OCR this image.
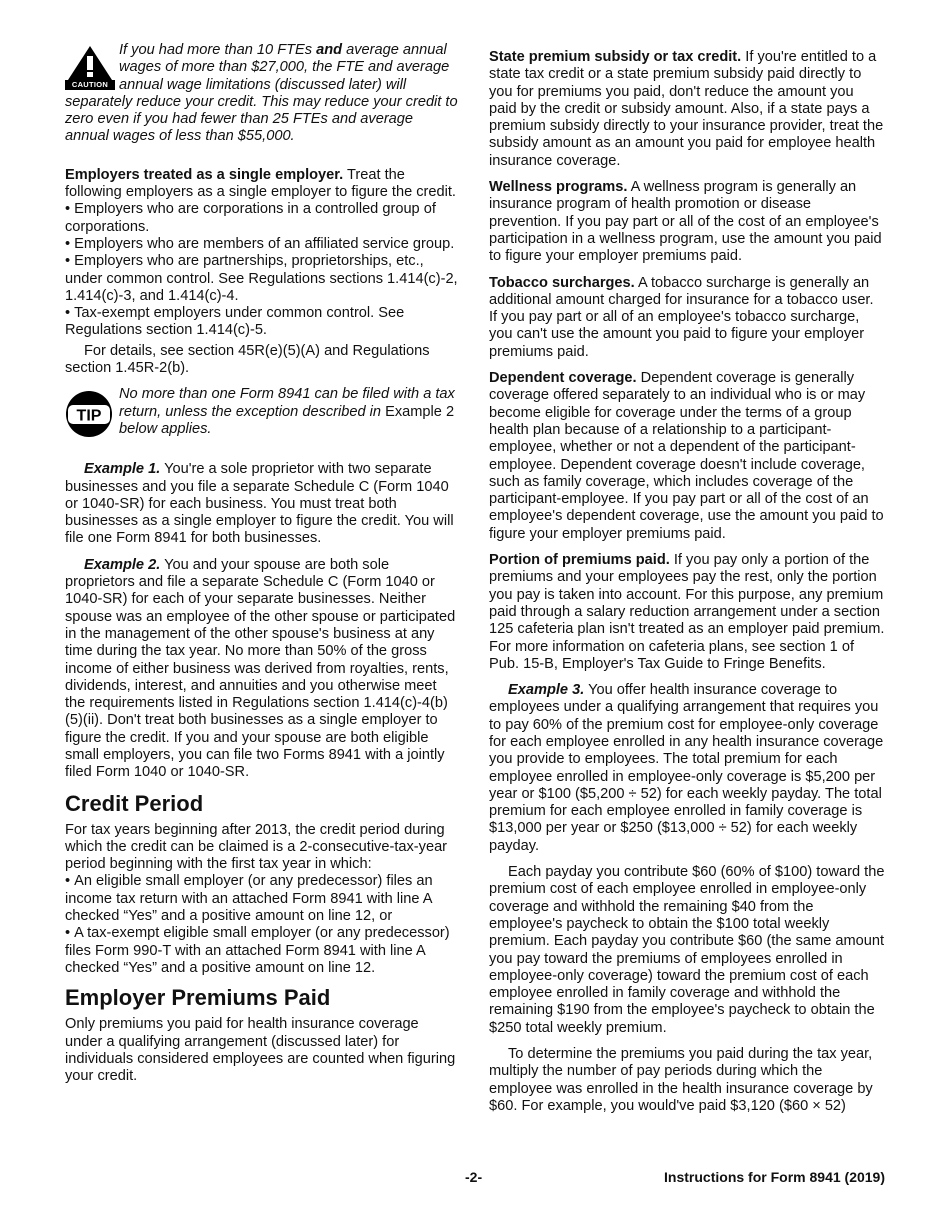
CAUTION

If you had more than 10 FTEs and average annual wages of more than $27,000, the FTE and average annual wage limitations (discussed later) will separately reduce your credit. This may reduce your credit to zero even if you had fewer than 25 FTEs and average annual wages of less than $55,000.

Employers treated as a single employer. Treat the following employers as a single employer to figure the credit.

• Employers who are corporations in a controlled group of corporations.

• Employers who are members of an affiliated service group.

• Employers who are partnerships, proprietorships, etc., under common control. See Regulations sections 1.414(c)-2, 1.414(c)-3, and 1.414(c)-4.

• Tax-exempt employers under common control. See Regulations section 1.414(c)-5.

For details, see section 45R(e)(5)(A) and Regulations section 1.45R-2(b).

TIP

No more than one Form 8941 can be filed with a tax return, unless the exception described in Example 2 below applies.

Example 1. You're a sole proprietor with two separate businesses and you file a separate Schedule C (Form 1040 or 1040-SR) for each business. You must treat both businesses as a single employer to figure the credit. You will file one Form 8941 for both businesses.

Example 2. You and your spouse are both sole proprietors and file a separate Schedule C (Form 1040 or 1040-SR) for each of your separate businesses. Neither spouse was an employee of the other spouse or participated in the management of the other spouse's business at any time during the tax year. No more than 50% of the gross income of either business was derived from royalties, rents, dividends, interest, and annuities and you otherwise meet the requirements listed in Regulations section 1.414(c)-4(b)(5)(ii). Don't treat both businesses as a single employer to figure the credit. If you and your spouse are both eligible small employers, you can file two Forms 8941 with a jointly filed Form 1040 or 1040-SR.

Credit Period

For tax years beginning after 2013, the credit period during which the credit can be claimed is a 2-consecutive-tax-year period beginning with the first tax year in which:

• An eligible small employer (or any predecessor) files an income tax return with an attached Form 8941 with line A checked “Yes” and a positive amount on line 12, or

• A tax-exempt eligible small employer (or any predecessor) files Form 990-T with an attached Form 8941 with line A checked “Yes” and a positive amount on line 12.

Employer Premiums Paid

Only premiums you paid for health insurance coverage under a qualifying arrangement (discussed later) for individuals considered employees are counted when figuring your credit.

State premium subsidy or tax credit. If you're entitled to a state tax credit or a state premium subsidy paid directly to you for premiums you paid, don't reduce the amount you paid by the credit or subsidy amount. Also, if a state pays a premium subsidy directly to your insurance provider, treat the subsidy amount as an amount you paid for employee health insurance coverage.

Wellness programs. A wellness program is generally an insurance program of health promotion or disease prevention. If you pay part or all of the cost of an employee's participation in a wellness program, use the amount you paid to figure your employer premiums paid.

Tobacco surcharges. A tobacco surcharge is generally an additional amount charged for insurance for a tobacco user. If you pay part or all of an employee's tobacco surcharge, you can't use the amount you paid to figure your employer premiums paid.

Dependent coverage. Dependent coverage is generally coverage offered separately to an individual who is or may become eligible for coverage under the terms of a group health plan because of a relationship to a participant-employee, whether or not a dependent of the participant-employee. Dependent coverage doesn't include coverage, such as family coverage, which includes coverage of the participant-employee. If you pay part or all of the cost of an employee's dependent coverage, use the amount you paid to figure your employer premiums paid.

Portion of premiums paid. If you pay only a portion of the premiums and your employees pay the rest, only the portion you pay is taken into account. For this purpose, any premium paid through a salary reduction arrangement under a section 125 cafeteria plan isn't treated as an employer paid premium. For more information on cafeteria plans, see section 1 of Pub. 15-B, Employer's Tax Guide to Fringe Benefits.

Example 3. You offer health insurance coverage to employees under a qualifying arrangement that requires you to pay 60% of the premium cost for employee-only coverage for each employee enrolled in any health insurance coverage you provide to employees. The total premium for each employee enrolled in employee-only coverage is $5,200 per year or $100 ($5,200 ÷ 52) for each weekly payday. The total premium for each employee enrolled in family coverage is $13,000 per year or $250 ($13,000 ÷ 52) for each weekly payday.

Each payday you contribute $60 (60% of $100) toward the premium cost of each employee enrolled in employee-only coverage and withhold the remaining $40 from the employee's paycheck to obtain the $100 total weekly premium. Each payday you contribute $60 (the same amount you pay toward the premiums of employees enrolled in employee-only coverage) toward the premium cost of each employee enrolled in family coverage and withhold the remaining $190 from the employee's paycheck to obtain the $250 total weekly premium.

To determine the premiums you paid during the tax year, multiply the number of pay periods during which the employee was enrolled in the health insurance coverage by $60. For example, you would've paid $3,120 ($60 × 52)

-2-	Instructions for Form 8941 (2019)
